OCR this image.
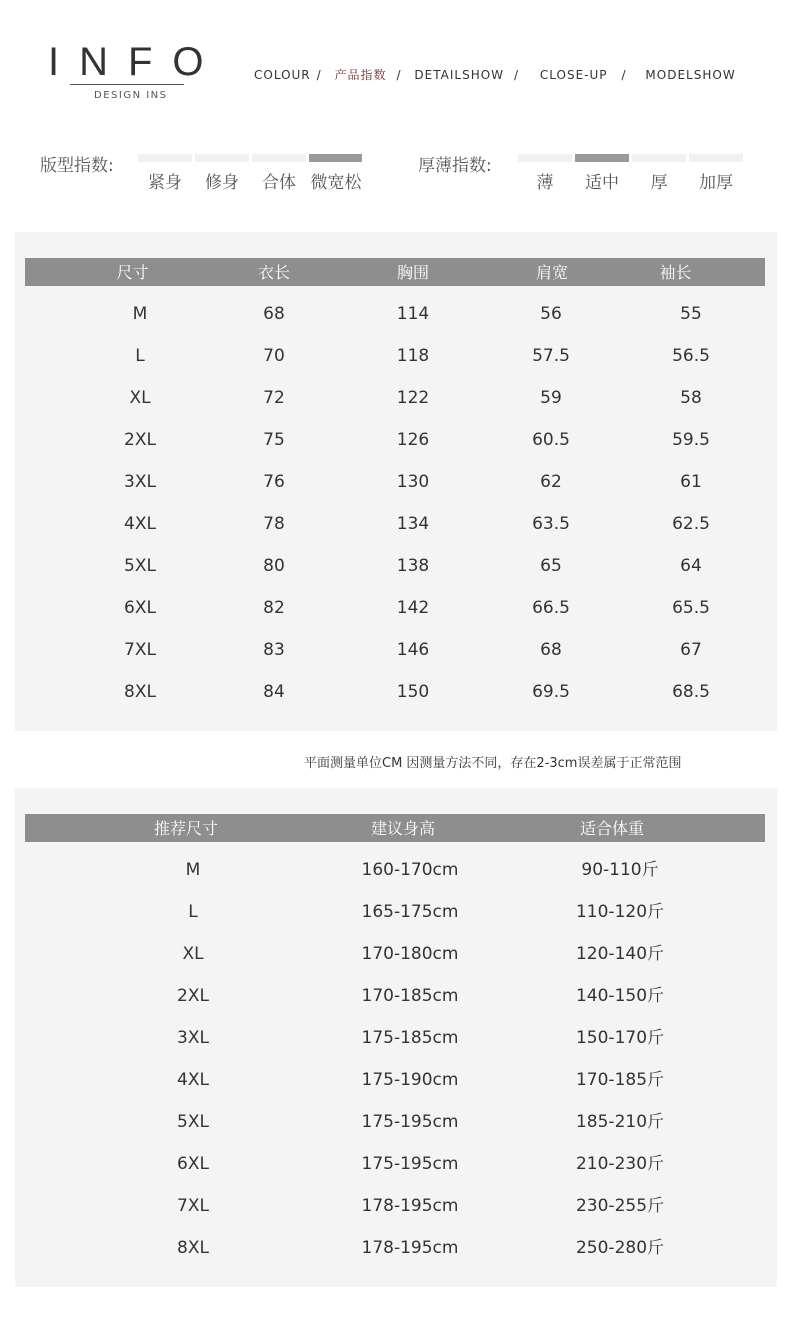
INFO
DESIGN INS
COLOUR / 产品指数 / DETAILSHOW / CLOSE-UP / MODELSHOW
版型指数:
紧身	修身	合体 微宽松
厚薄指数:
薄	适中	厚	加厚
尺寸	衣长	胸围	肩宽	袖长
M	68	114	56	55
L	70	118	57.5	56.5
XL	72	122	59	58
2XL	75	126	60.5	59.5
3XL	76	130	62	61
4XL	78	134	63.5	62.5
5XL	80	138	65	64
6XL	82	142	66.5	65.5
7XL	83	146	68	67
8XL	84	150	69.5	68.5
平面测量单位CM 因测量方法不同，存在2-3cm误差属于正常范围
推荐尺寸	建议身高	适合体重
M	160-170cm	90-110斤
L	165-175cm	110-120斤
XL	170-180cm	120-140斤
2XL	170-185cm	140-150斤
3XL	175-185cm	150-170斤
4XL	175-190cm	170-185斤
5XL	175-195cm	185-210斤
6XL	175-195cm	210-230斤
7XL	178-195cm	230-255斤
8XL	178-195cm	250-280斤
